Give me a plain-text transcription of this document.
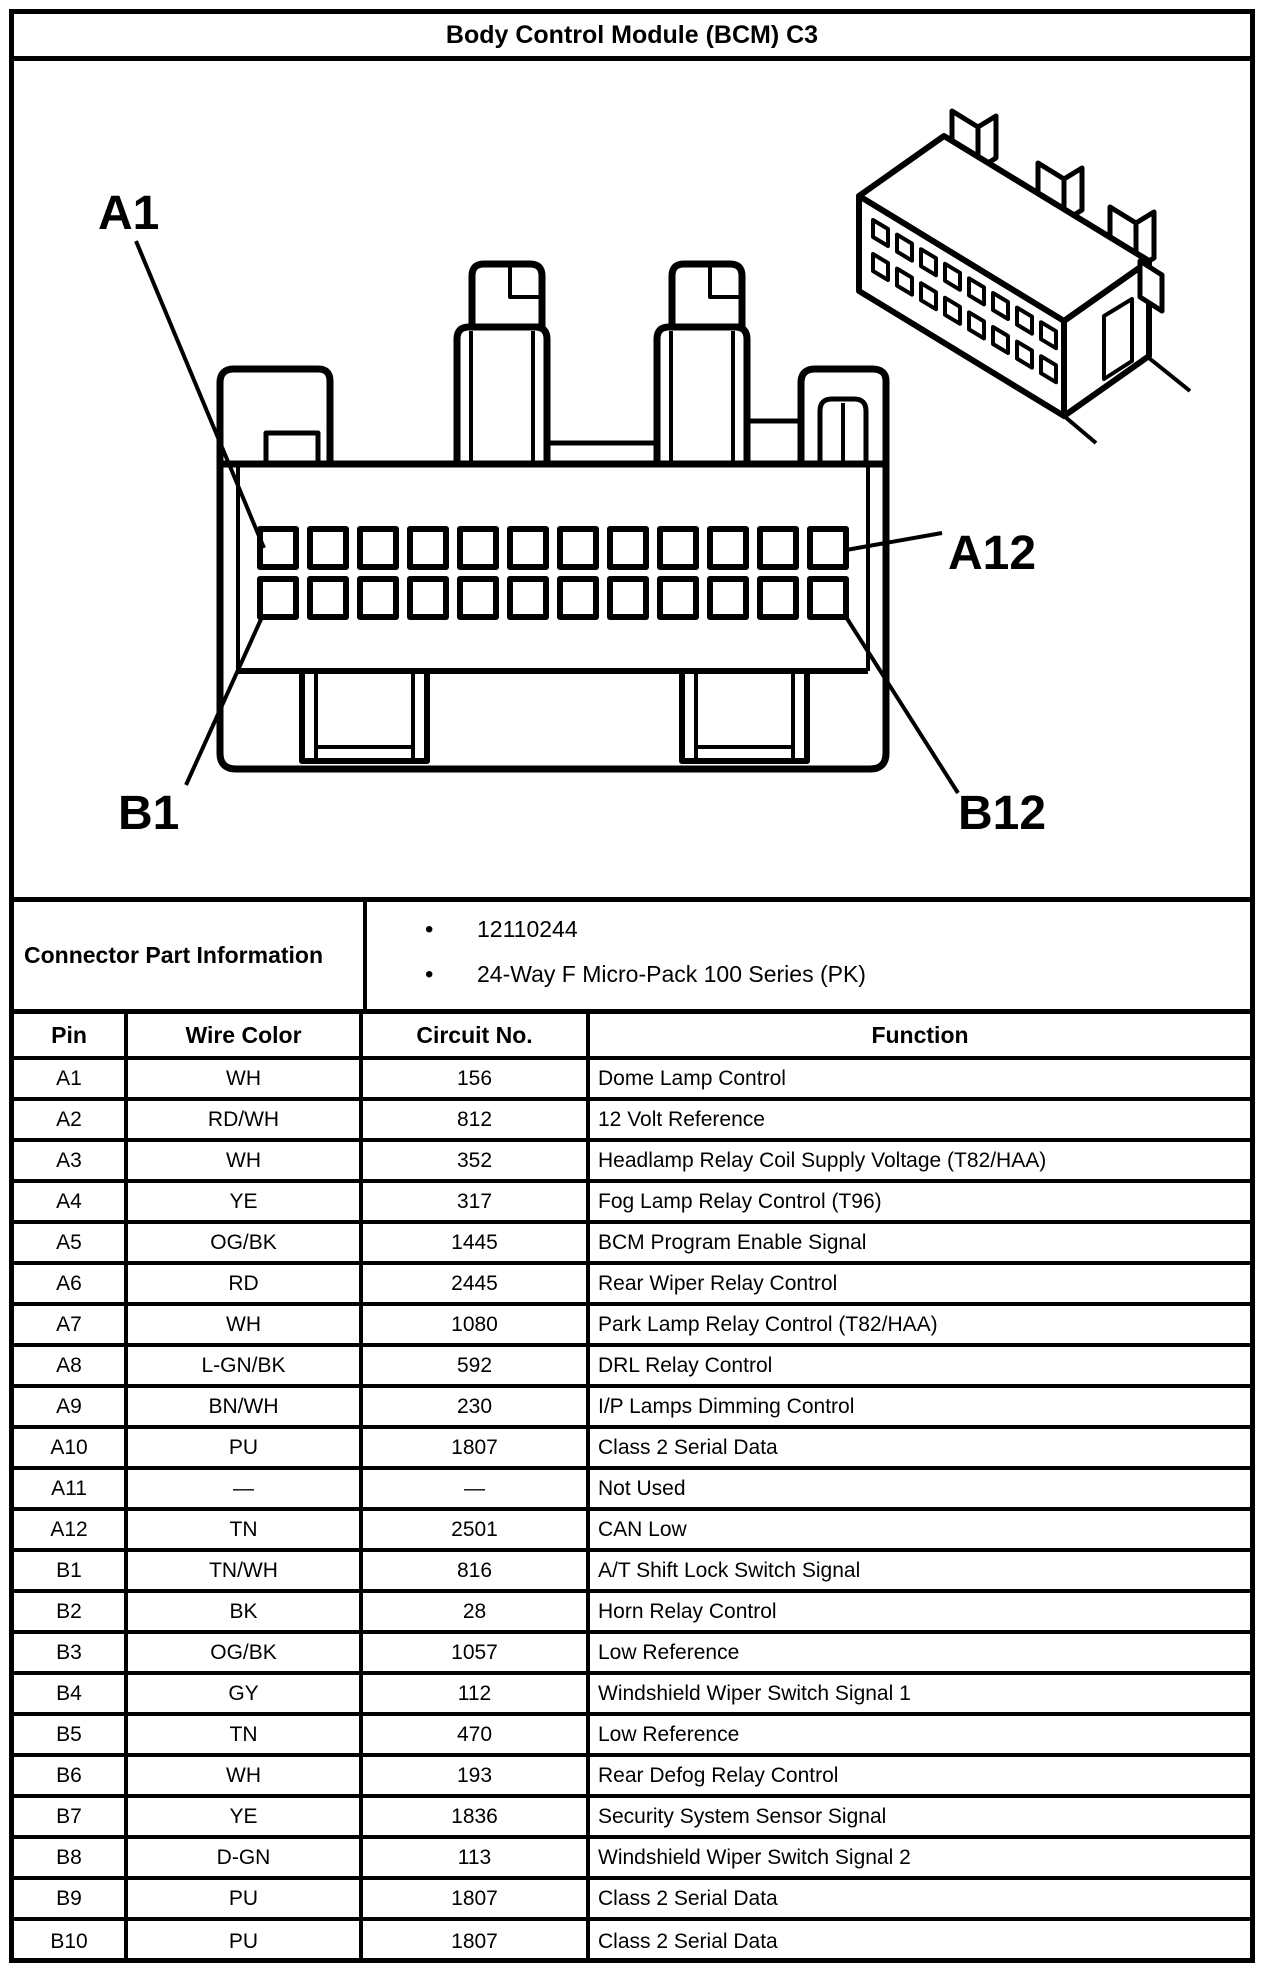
Body Control Module (BCM) C3
A1
A12
B1	B12
Connector Part Information
•	12110244
•	24-Way F Micro-Pack 100 Series (PK)
Pin	Wire Color	Circuit No.	Function
A1	WH	156	Dome Lamp Control
A2	RD/WH	812	12 Volt Reference
A3	WH	352	Headlamp Relay Coil Supply Voltage (T82/HAA)
A4	YE	317	Fog Lamp Relay Control (T96)
A5	OG/BK	1445	BCM Program Enable Signal
A6	RD	2445	Rear Wiper Relay Control
A7	WH	1080	Park Lamp Relay Control (T82/HAA)
A8	L-GN/BK	592	DRL Relay Control
A9	BN/WH	230	I/P Lamps Dimming Control
A10	PU	1807	Class 2 Serial Data
A11	—	—	Not Used
A12	TN	2501	CAN Low
B1	TN/WH	816	A/T Shift Lock Switch Signal
B2	BK	28	Horn Relay Control
B3	OG/BK	1057	Low Reference
B4	GY	112	Windshield Wiper Switch Signal 1
B5	TN	470	Low Reference
B6	WH	193	Rear Defog Relay Control
B7	YE	1836	Security System Sensor Signal
B8	D-GN	113	Windshield Wiper Switch Signal 2
B9	PU	1807	Class 2 Serial Data
B10	PU	1807	Class 2 Serial Data
